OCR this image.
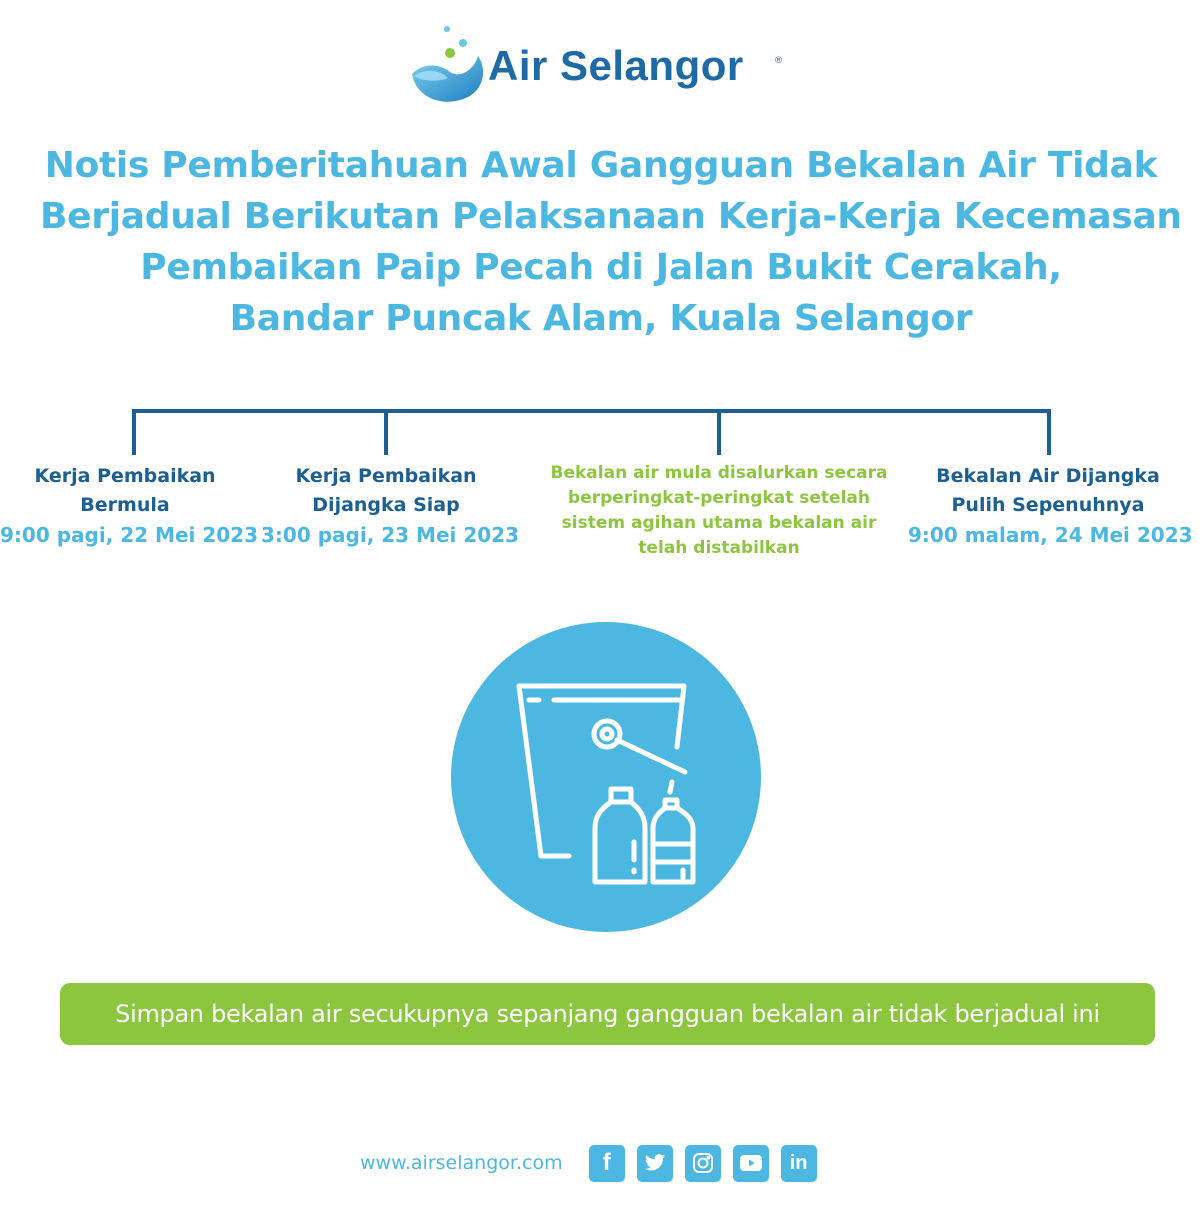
Air Selangor	®
Notis Pemberitahuan Awal Gangguan Bekalan Air Tidak
Berjadual Berikutan Pelaksanaan Kerja-Kerja Kecemasan
Pembaikan Paip Pecah di Jalan Bukit Cerakah,
Bandar Puncak Alam, Kuala Selangor
Kerja Pembaikan
Bermula
9:00 pagi, 22 Mei 2023
Kerja Pembaikan
Dijangka Siap
3:00 pagi, 23 Mei 2023
Bekalan air mula disalurkan secara
berperingkat-peringkat setelah
sistem agihan utama bekalan air
telah distabilkan
Bekalan Air Dijangka
Pulih Sepenuhnya
9:00 malam, 24 Mei 2023
Simpan bekalan air secukupnya sepanjang gangguan bekalan air tidak berjadual ini
www.airselangor.com f	in
